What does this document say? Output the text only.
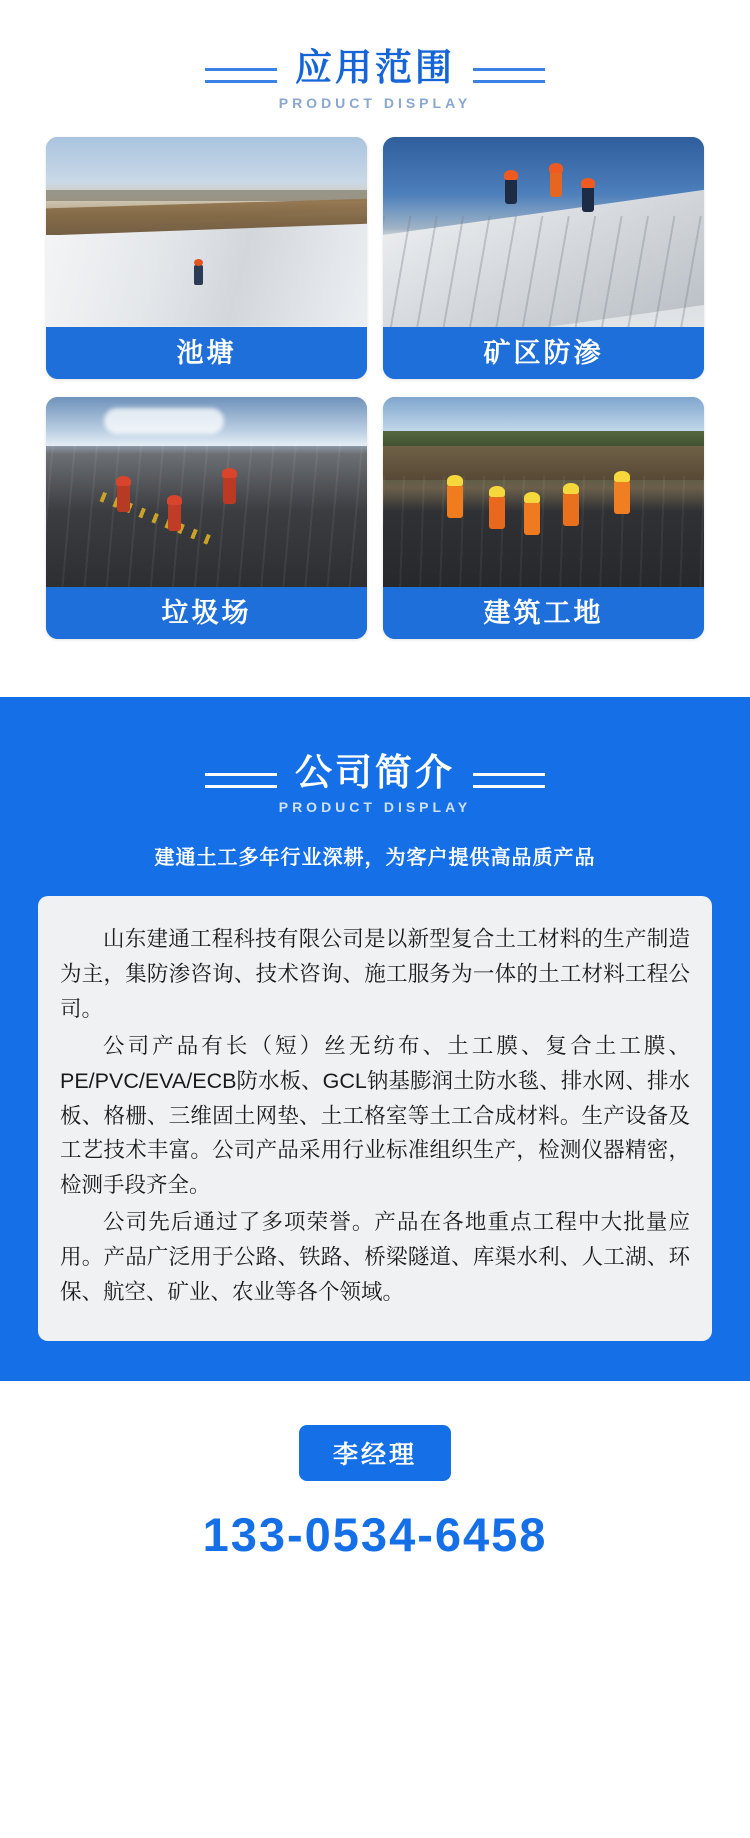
应用范围
PRODUCT DISPLAY
池塘	矿区防渗
垃圾场	建筑工地
公司简介
PRODUCT DISPLAY
建通土工多年行业深耕，为客户提供高品质产品

山东建通工程科技有限公司是以新型复合土工材料的生产制造为主，集防渗咨询、技术咨询、施工服务为一体的土工材料工程公司。

公司产品有长（短）丝无纺布、土工膜、复合土工膜、PE/PVC/EVA/ECB防水板、GCL钠基膨润土防水毯、排水网、排水板、格栅、三维固土网垫、土工格室等土工合成材料。生产设备及工艺技术丰富。公司产品采用行业标准组织生产，检测仪器精密，检测手段齐全。

公司先后通过了多项荣誉。产品在各地重点工程中大批量应用。产品广泛用于公路、铁路、桥梁隧道、库渠水利、人工湖、环保、航空、矿业、农业等各个领域。

李经理
133-0534-6458
